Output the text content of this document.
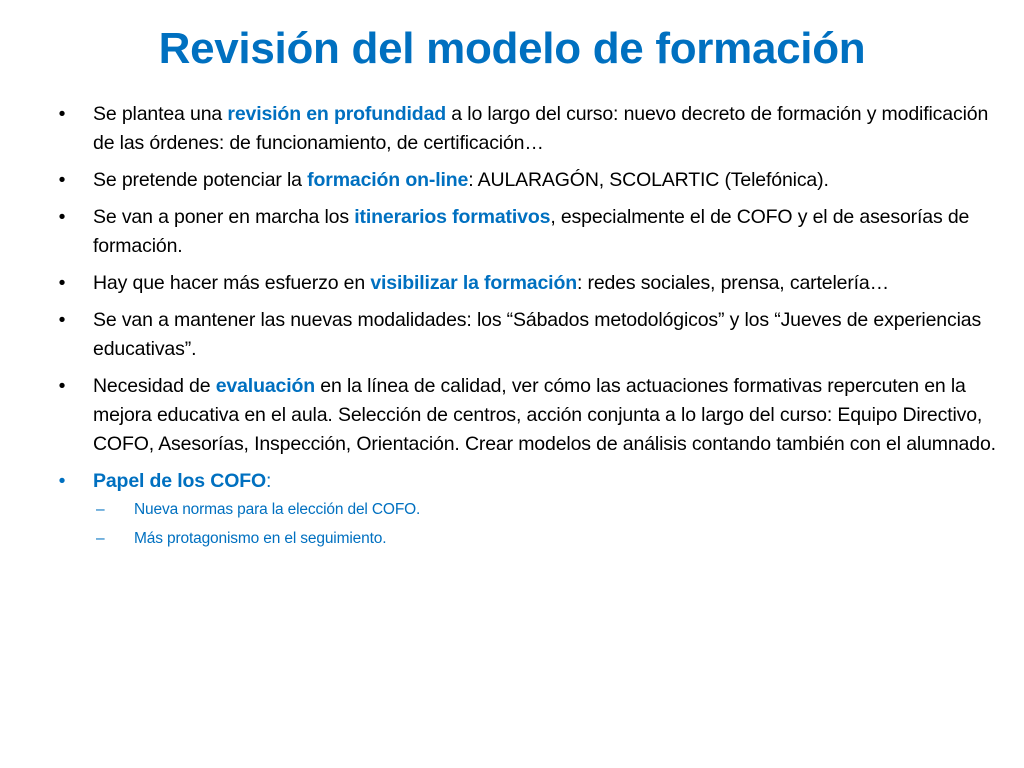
Revisión del modelo de formación
•	Se plantea una revisión en profundidad a lo largo del curso: nuevo decreto de formación y modificación de las órdenes: de funcionamiento, de certificación…
•	Se pretende potenciar la formación on-line: AULARAGÓN, SCOLARTIC (Telefónica).
•	Se van a poner en marcha los itinerarios formativos, especialmente el de COFO y el de asesorías de formación.
•	Hay que hacer más esfuerzo en visibilizar la formación: redes sociales, prensa, cartelería…
•	Se van a mantener las nuevas modalidades: los “Sábados metodológicos” y los “Jueves de experiencias educativas”.
•	Necesidad de evaluación en la línea de calidad, ver cómo las actuaciones formativas repercuten en la mejora educativa en el aula. Selección de centros, acción conjunta a lo largo del curso: Equipo Directivo, COFO, Asesorías, Inspección, Orientación. Crear modelos de análisis contando también con el alumnado.
•	Papel de los COFO:
– Nueva normas para la elección del COFO.
– Más protagonismo en el seguimiento.
